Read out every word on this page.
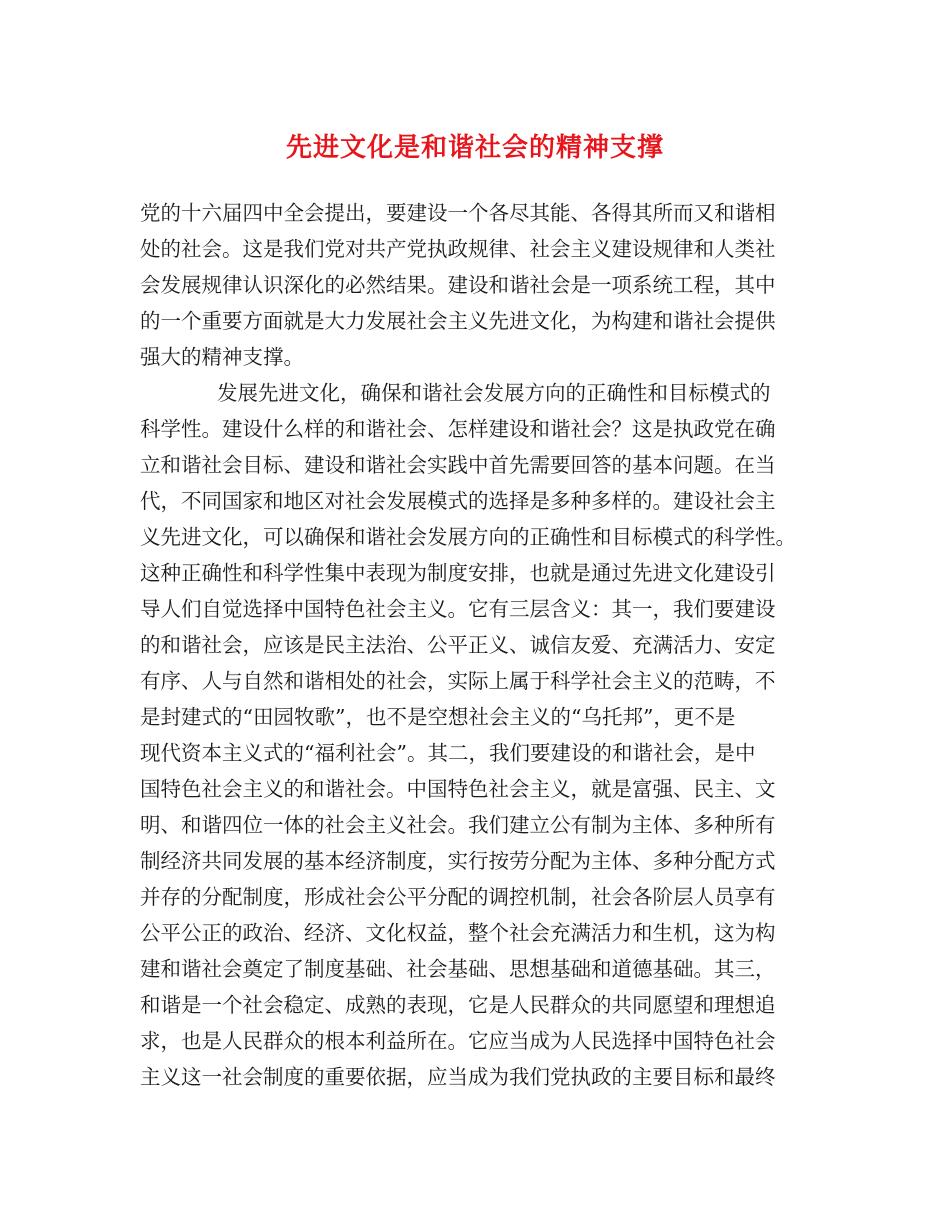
先进文化是和谐社会的精神支撑
党的十六届四中全会提出，要建设一个各尽其能、各得其所而又和谐相
处的社会。这是我们党对共产党执政规律、社会主义建设规律和人类社
会发展规律认识深化的必然结果。建设和谐社会是一项系统工程，其中
的一个重要方面就是大力发展社会主义先进文化，为构建和谐社会提供
强大的精神支撑。
发展先进文化，确保和谐社会发展方向的正确性和目标模式的
科学性。建设什么样的和谐社会、怎样建设和谐社会？这是执政党在确
立和谐社会目标、建设和谐社会实践中首先需要回答的基本问题。在当
代，不同国家和地区对社会发展模式的选择是多种多样的。建设社会主
义先进文化，可以确保和谐社会发展方向的正确性和目标模式的科学性。
这种正确性和科学性集中表现为制度安排，也就是通过先进文化建设引
导人们自觉选择中国特色社会主义。它有三层含义：其一，我们要建设
的和谐社会，应该是民主法治、公平正义、诚信友爱、充满活力、安定
有序、人与自然和谐相处的社会，实际上属于科学社会主义的范畴，不
是封建式的“田园牧歌”，也不是空想社会主义的“乌托邦”，更不是
现代资本主义式的“福利社会”。其二，我们要建设的和谐社会，是中
国特色社会主义的和谐社会。中国特色社会主义，就是富强、民主、文
明、和谐四位一体的社会主义社会。我们建立公有制为主体、多种所有
制经济共同发展的基本经济制度，实行按劳分配为主体、多种分配方式
并存的分配制度，形成社会公平分配的调控机制，社会各阶层人员享有
公平公正的政治、经济、文化权益，整个社会充满活力和生机，这为构
建和谐社会奠定了制度基础、社会基础、思想基础和道德基础。其三，
和谐是一个社会稳定、成熟的表现，它是人民群众的共同愿望和理想追
求，也是人民群众的根本利益所在。它应当成为人民选择中国特色社会
主义这一社会制度的重要依据，应当成为我们党执政的主要目标和最终
